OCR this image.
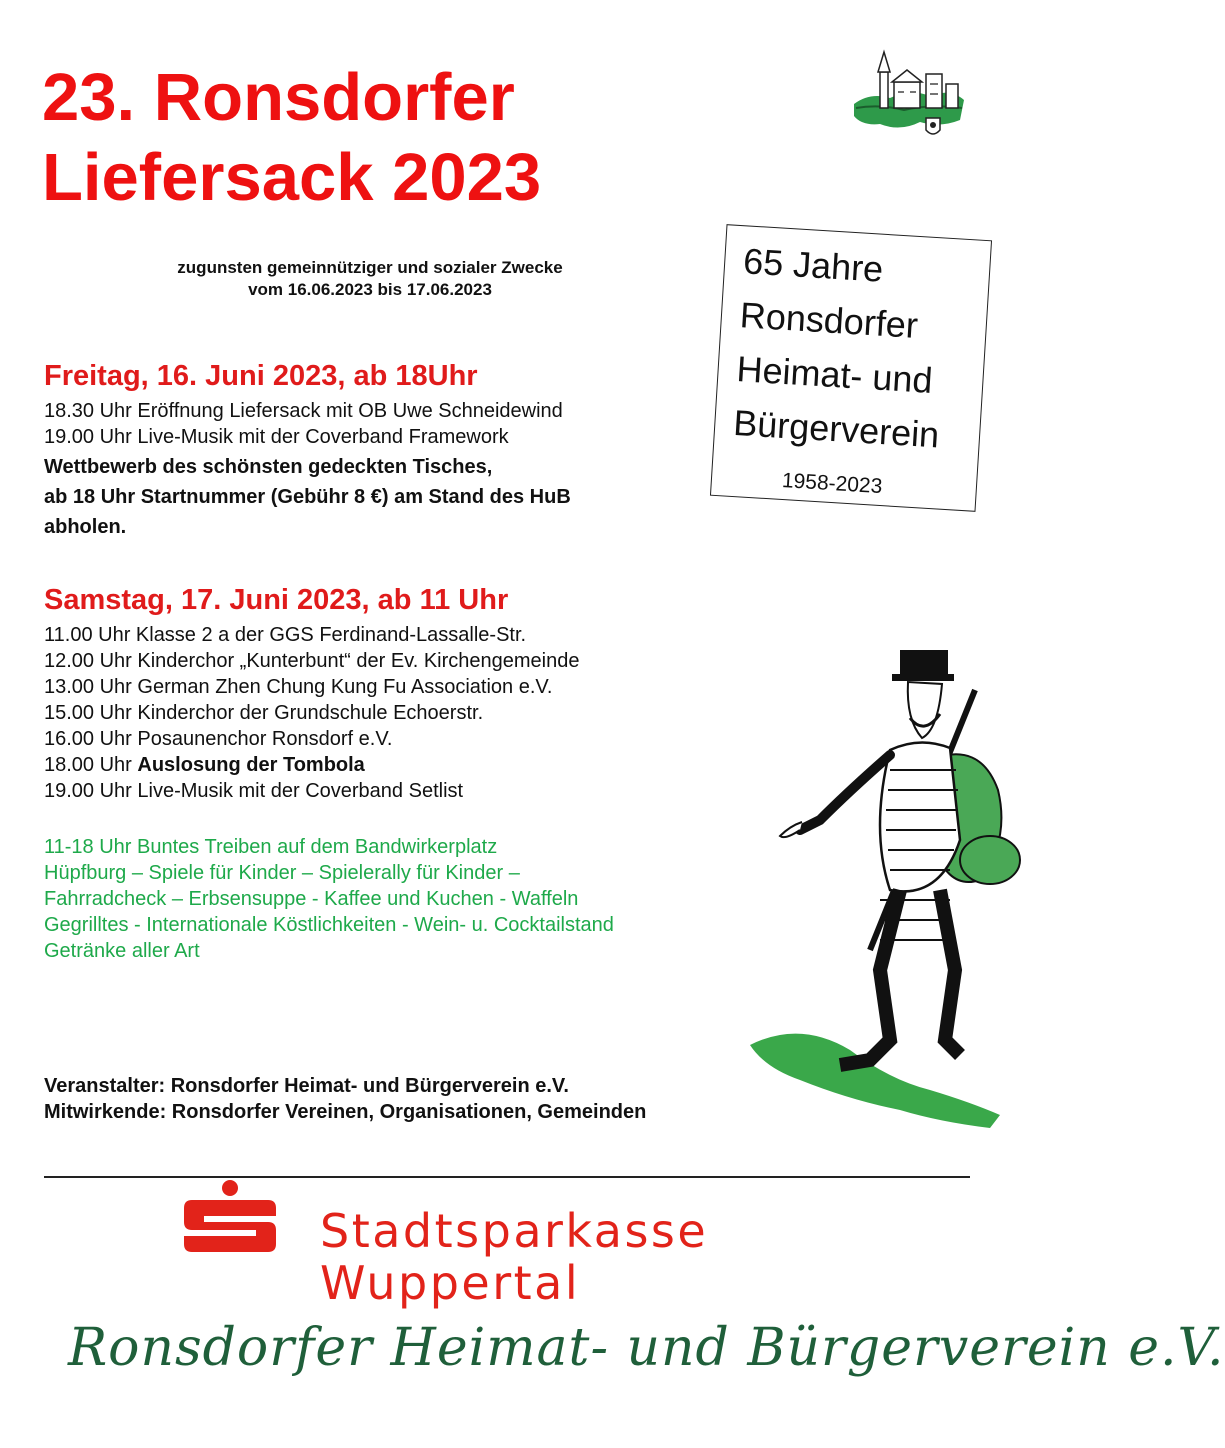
23. Ronsdorfer
Liefersack 2023
zugunsten gemeinnütziger und sozialer Zwecke
vom 16.06.2023 bis 17.06.2023	65 Jahre
Ronsdorfer
Heimat- und
Bürgerverein
1958-2023
Freitag, 16. Juni 2023, ab 18Uhr
18.30 Uhr Eröffnung Liefersack mit OB Uwe Schneidewind
19.00 Uhr Live-Musik mit der Coverband Framework
Wettbewerb des schönsten gedeckten Tisches,
ab 18 Uhr Startnummer (Gebühr 8 €) am Stand des HuB
abholen.
Samstag, 17. Juni 2023, ab 11 Uhr
11.00 Uhr Klasse 2 a der GGS Ferdinand-Lassalle-Str.
12.00 Uhr Kinderchor „Kunterbunt“ der Ev. Kirchengemeinde
13.00 Uhr German Zhen Chung Kung Fu Association e.V.
15.00 Uhr Kinderchor der Grundschule Echoerstr.
16.00 Uhr Posaunenchor Ronsdorf e.V.
18.00 Uhr Auslosung der Tombola
19.00 Uhr Live-Musik mit der Coverband Setlist
11-18 Uhr Buntes Treiben auf dem Bandwirkerplatz
Hüpfburg – Spiele für Kinder – Spielerally für Kinder –
Fahrradcheck – Erbsensuppe - Kaffee und Kuchen - Waffeln
Gegrilltes - Internationale Köstlichkeiten - Wein- u. Cocktailstand
Getränke aller Art
Veranstalter: Ronsdorfer Heimat- und Bürgerverein e.V.
Mitwirkende: Ronsdorfer Vereinen, Organisationen, Gemeinden
Stadtsparkasse
Wuppertal
Ronsdorfer Heimat- und Bürgerverein e.V.
